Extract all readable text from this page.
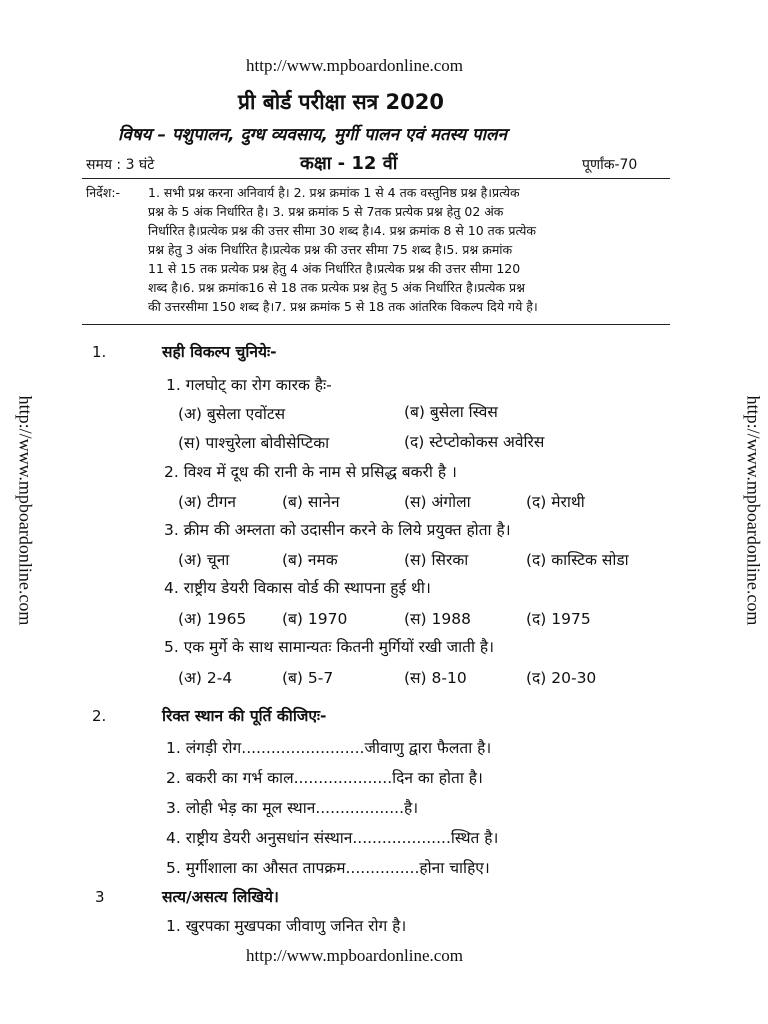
http://www.mpboardonline.com
प्री बोर्ड परीक्षा सत्र 2020
विषय – पशुपालन, दुग्ध व्यवसाय, मुर्गी पालन एवं मतस्य पालन
समय : 3 घंटे	कक्षा - 12 वीं	पूर्णांक-70
निर्देश:- 1. सभी प्रश्न करना अनिवार्य है। 2. प्रश्न क्रमांक 1 से 4 तक वस्तुनिष्ठ प्रश्न है।प्रत्येक
प्रश्न के 5 अंक निर्धारित है। 3. प्रश्न क्रमांक 5 से 7तक प्रत्येक प्रश्न हेतु 02 अंक
निर्धारित है।प्रत्येक प्रश्न की उत्तर सीमा 30 शब्द है।4. प्रश्न क्रमांक 8 से 10 तक प्रत्येक
प्रश्न हेतु 3 अंक निर्धारित है।प्रत्येक प्रश्न की उत्तर सीमा 75 शब्द है।5. प्रश्न क्रमांक
11 से 15 तक प्रत्येक प्रश्न हेतु 4 अंक निर्धारित है।प्रत्येक प्रश्न की उत्तर सीमा 120
शब्द है।6. प्रश्न क्रमांक16 से 18 तक प्रत्येक प्रश्न हेतु 5 अंक निर्धारित है।प्रत्येक प्रश्न
की उत्तरसीमा 150 शब्द है।7. प्रश्न क्रमांक 5 से 18 तक आंतरिक विकल्प दिये गये है।
http://www.mpboardonline.com	http://www.mpboardonline.com
1.	सही विकल्प चुनियेः-
1. गलघोट् का रोग कारक हैः-
(अ) बुसेला एवोंटस	(ब) बुसेला स्विस
(स) पाश्चुरेला बोवीसेप्टिका	(द) स्टेप्टोकोकस अवेरिस
2. विश्व में दूध की रानी के नाम से प्रसिद्ध बकरी है ।
(अ) टीगन	(ब) सानेन	(स) अंगोला	(द) मेराथी
3. क्रीम की अम्लता को उदासीन करने के लिये प्रयुक्त होता है।
(अ) चूना	(ब) नमक	(स) सिरका	(द) कास्टिक सोडा
4. राष्ट्रीय डेयरी विकास वोर्ड की स्थापना हुई थी।
(अ) 1965 (ब) 1970	(स) 1988	(द) 1975
5. एक मुर्गे के साथ सामान्यतः कितनी मुर्गियों रखी जाती है।
(अ) 2-4	(ब) 5-7	(स) 8-10	(द) 20-30
2.	रिक्त स्थान की पूर्ति कीजिएः-
1. लंगड़ी रोग.........................जीवाणु द्वारा फैलता है।
2. बकरी का गर्भ काल....................दिन का होता है।
3. लोही भेड़ का मूल स्थान..................है।
4. राष्ट्रीय डेयरी अनुसधांन संस्थान....................स्थित है।
5. मुर्गीशाला का औसत तापक्रम...............होना चाहिए।
3	सत्य/असत्य लिखिये।
1. खुरपका मुखपका जीवाणु जनित रोग है।
http://www.mpboardonline.com
